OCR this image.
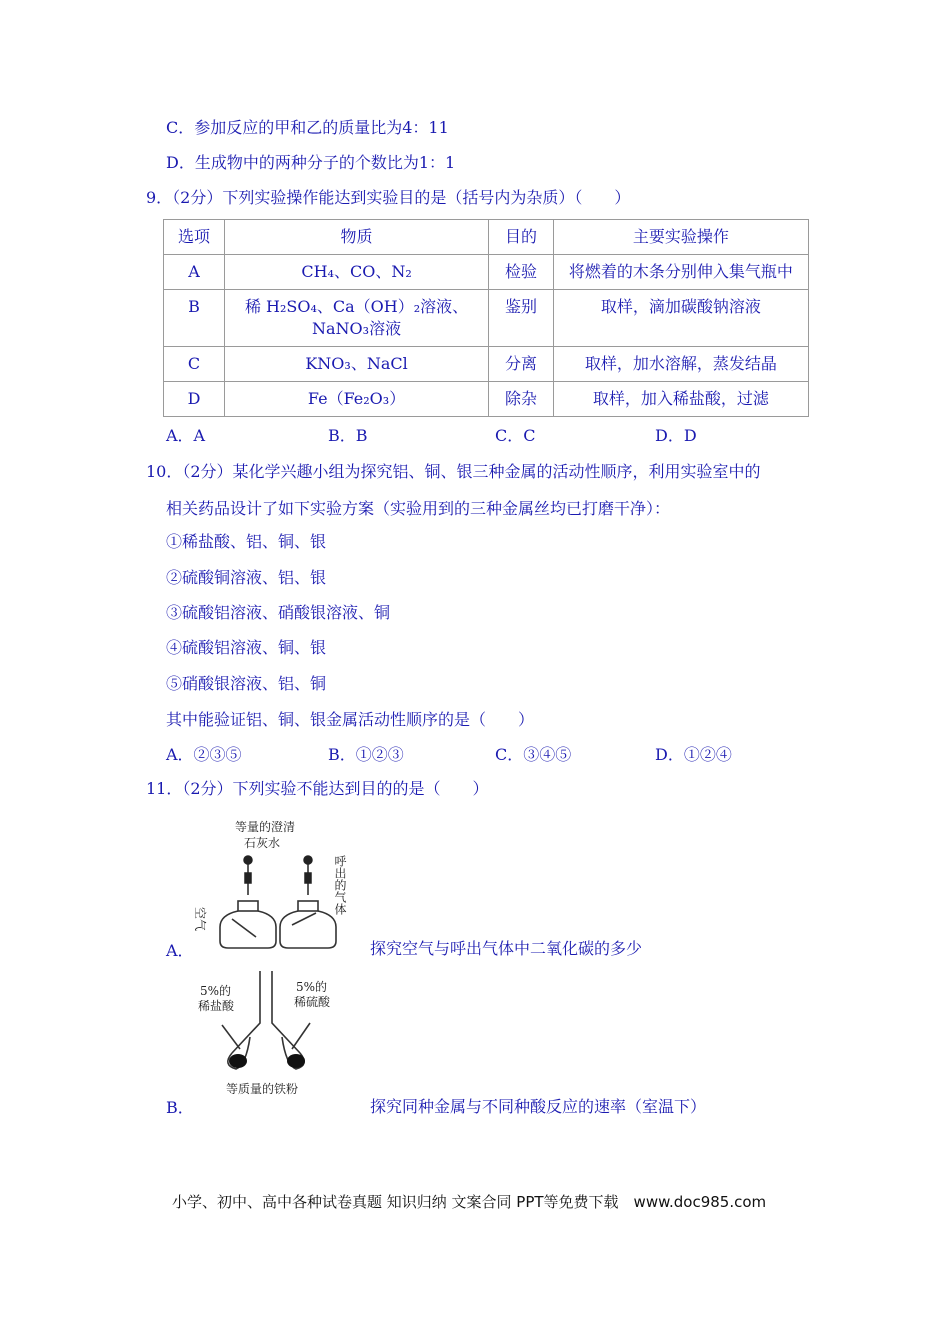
C．参加反应的甲和乙的质量比为4：11
D．生成物中的两种分子的个数比为1：1
9．（2分）下列实验操作能达到实验目的是（括号内为杂质）（　　）
选项	物质	目的	主要实验操作
A	CH₄、CO、N₂	检验	将燃着的木条分别伸入集气瓶中
B	稀 H₂SO₄、Ca（OH）₂溶液、NaNO₃溶液	鉴别	取样，滴加碳酸钠溶液
C	KNO₃、NaCl	分离	取样，加水溶解，蒸发结晶
D	Fe（Fe₂O₃）	除杂	取样，加入稀盐酸，过滤
A．A	B．B	C．C	D．D
10．（2分）某化学兴趣小组为探究铝、铜、银三种金属的活动性顺序，利用实验室中的
相关药品设计了如下实验方案（实验用到的三种金属丝均已打磨干净）：
①稀盐酸、铝、铜、银
②硫酸铜溶液、铝、银
③硫酸铝溶液、硝酸银溶液、铜
④硫酸铝溶液、铜、银
⑤硝酸银溶液、铝、铜
其中能验证铝、铜、银金属活动性顺序的是（　　）
A．②③⑤	B．①②③	C．③④⑤	D．①②④
11．（2分）下列实验不能达到目的的是（　　）
等量的澄清
石灰水
空气
呼出的气体
A．	探究空气与呼出气体中二氧化碳的多少
5%的
稀盐酸
5%的
稀硫酸
等质量的铁粉
B．	探究同种金属与不同种酸反应的速率（室温下）
小学、初中、高中各种试卷真题 知识归纳 文案合同 PPT等免费下载　www.doc985.com
